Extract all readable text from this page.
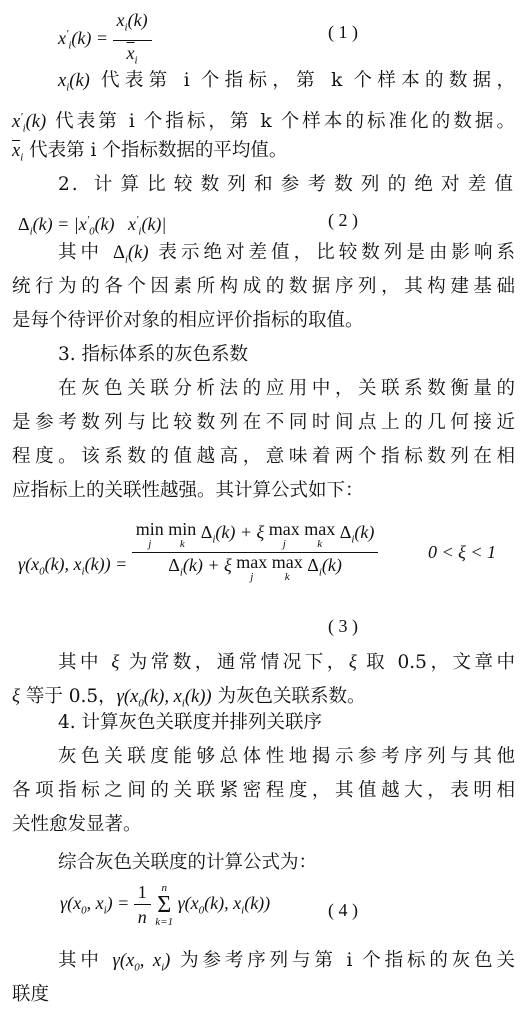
$x'_i(k) = \frac{x_i(k)}{\overline{x}_i}$	( 1 )
$x_i(k)$ 代表第 i 个指标，第 k 个样本的数据，
$x'_i(k)$ 代表第 i 个指标，第 k 个样本的标准化的数据。
$\overline{x}_i$ 代表第 i 个指标数据的平均值。
2. 计算比较数列和参考数列的绝对差值
$\Delta_i(k) = |x'_0(k)$   $x'_i(k)|$	( 2 )
其中 $\Delta_i(k)$ 表示绝对差值，比较数列是由影响系
统行为的各个因素所构成的数据序列，其构建基础
是每个待评价对象的相应评价指标的取值。
3. 指标体系的灰色系数
在灰色关联分析法的应用中，关联系数衡量的
是参考数列与比较数列在不同时间点上的几何接近
程度。该系数的值越高，意味着两个指标数列在相
应指标上的关联性越强。其计算公式如下：
$\gamma(x_0(k)$, $x_i(k)$) =
min
j
min
k
$\Delta_i(k) + \xi$ max
j
max
k
$\Delta_i(k)$
$\Delta_i(k) + \xi$ max
j
max
k
$\Delta_i(k)$
0 < ξ < 1
( 3 )
其中 ξ 为常数，通常情况下，ξ 取 0.5，文章中
ξ 等于 0.5，$\gamma(x_0(k)$, $x_i(k)$) 为灰色关联系数。
4. 计算灰色关联度并排列关联序
灰色关联度能够总体性地揭示参考序列与其他
各项指标之间的关联紧密程度，其值越大，表明相
关性愈发显著。
综合灰色关联度的计算公式为：
$\gamma(x_0$, $x_i) = \frac{1}{n}$
n
Σ
k=1
$\gamma(x_0(k)$, $x_i(k)$)	( 4 )
其中 $\gamma(x_0$, $x_i$) 为参考序列与第 i 个指标的灰色关
联度
